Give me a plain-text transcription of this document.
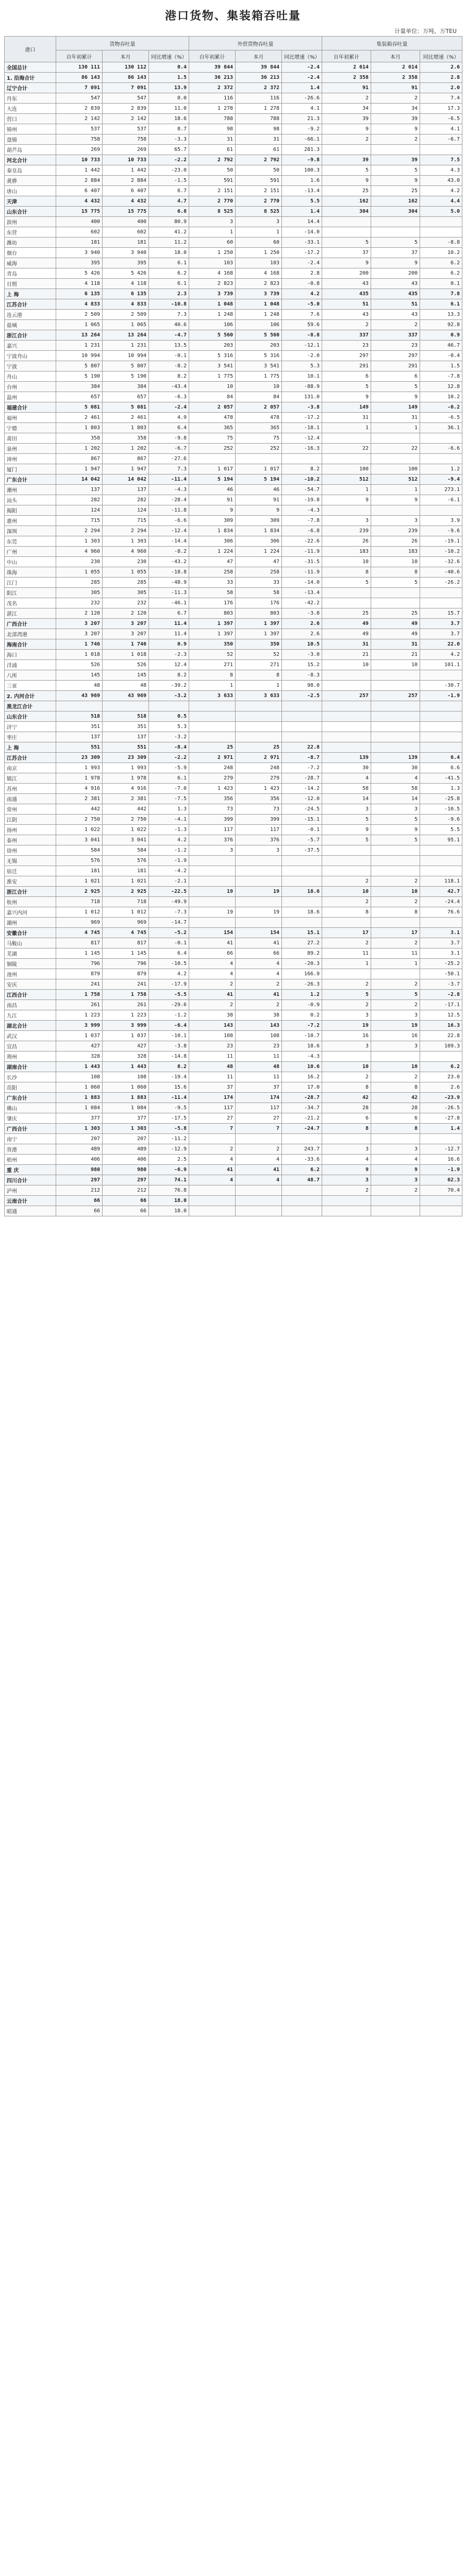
港口货物、集装箱吞吐量
计量单位：万吨、万TEU
港口	货物吞吐量			外贸货物吞吐量			集装箱吞吐量		
	自年初累计	本月	同比增速（%）	自年初累计	本月	同比增速（%）	自年初累计	本月	同比增速（%）
全国总计	130 111	130 112	0.4	39 844	39 844	-2.4	2 614	2 614	2.6
1. 沿海合计	86 143	86 143	1.5	36 213	36 213	-2.4	2 358	2 358	2.8
辽宁合计	7 091	7 091	13.9	2 372	2 372	1.4	91	91	2.0
丹东	547	547	0.0	116	116	-26.6	2	2	7.4
大连	2 839	2 839	11.0	1 278	1 278	4.1	34	34	17.3
营口	2 142	2 142	18.6	788	788	21.3	39	39	-6.5
锦州	537	537	8.7	98	98	-9.2	9	9	4.1
盘锦	758	758	-3.3	31	31	-66.1	2	2	-6.7
葫芦岛	269	269	65.7	61	61	281.3			
河北合计	10 733	10 733	-2.2	2 792	2 792	-9.8	39	39	7.5
秦皇岛	1 442	1 442	-23.0	50	50	100.3	5	5	4.3
黄骅	2 884	2 884	-1.5	591	591	1.6	9	9	43.0
唐山	6 407	6 407	6.7	2 151	2 151	-13.4	25	25	4.2
天津	4 432	4 432	4.7	2 770	2 770	5.5	162	162	4.4
山东合计	15 775	15 775	6.8	8 525	8 525	1.4	304	304	5.0
滨州	400	400	80.9	3	3	14.4			
东营	602	602	41.2	1	1	-14.0			
潍坊	181	181	11.2	60	60	-33.1	5	5	-8.8
烟台	3 940	3 940	18.0	1 250	1 250	-17.2	37	37	10.2
威海	395	395	6.1	103	103	-2.4	9	9	6.2
青岛	5 426	5 426	6.2	4 168	4 168	2.8	200	200	6.2
日照	4 118	4 118	6.1	2 823	2 823	-0.8	43	43	0.1
上 海	6 135	6 135	2.3	3 739	3 739	4.2	435	435	7.8
江苏合计	4 833	4 833	-10.8	1 048	1 048	-5.0	51	51	6.1
连云港	2 509	2 509	7.3	1 248	1 248	7.6	43	43	13.3
盐城	1 065	1 065	40.6	106	106	59.6	2	2	92.8
浙江合计	13 264	13 264	-4.7	5 560	5 560	-8.8	337	337	0.9
嘉兴	1 231	1 231	13.5	203	203	-12.1	23	23	46.7
宁波舟山	10 994	10 994	-0.1	5 316	5 316	-2.0	297	297	-0.4
宁波	5 807	5 807	-8.2	3 541	3 541	5.3	291	291	1.5
舟山	5 190	5 190	8.2	1 775	1 775	10.1	6	6	-7.8
台州	384	384	-43.4	10	10	-88.9	5	5	12.8
温州	657	657	-6.3	84	84	131.0	9	9	10.2
福建合计	5 081	5 081	-2.4	2 057	2 057	-3.8	149	149	-0.2
福州	2 461	2 461	4.9	478	478	-17.2	31	31	-6.5
宁德	1 803	1 803	6.4	365	365	-18.1	1	1	36.1
莆田	358	358	-9.8	75	75	-12.4			
泉州	1 202	1 202	-6.7	252	252	-16.3	22	22	-6.6
漳州	867	867	-27.6						
厦门	1 947	1 947	7.3	1 017	1 017	8.2	100	100	1.2
广东合计	14 042	14 042	-11.4	5 194	5 194	-10.2	512	512	-9.4
潮州	137	137	-4.3	46	46	-54.7	1	1	273.1
汕头	282	282	-28.4	91	91	-19.8	9	9	-6.1
揭阳	124	124	-11.8	9	9	-4.3			
惠州	715	715	-6.6	309	309	-7.8	3	3	3.9
深圳	2 294	2 294	-12.4	1 834	1 834	-6.8	239	239	-9.6
东莞	1 303	1 303	-14.4	306	306	-22.6	26	26	-19.1
广州	4 960	4 960	-8.2	1 224	1 224	-11.9	183	183	-10.2
中山	230	230	-43.2	47	47	-31.5	10	10	-32.6
珠海	1 055	1 055	-18.8	258	258	-11.9	8	8	-40.6
江门	285	285	-48.9	33	33	-14.0	5	5	-26.2
阳江	305	305	-11.3	58	58	-13.4			
茂名	232	232	-46.1	176	176	-42.2			
湛江	2 120	2 120	6.7	803	803	-3.8	25	25	15.7
广西合计	3 207	3 207	11.4	1 397	1 397	2.6	49	49	3.7
北部湾港	3 207	3 207	11.4	1 397	1 397	2.6	49	49	3.7
海南合计	1 746	1 746	0.9	350	350	10.5	31	31	22.0
海口	1 018	1 018	-2.3	52	52	-3.0	21	21	4.2
洋浦	526	526	12.4	271	271	15.2	10	10	101.1
八所	145	145	8.2	8	8	-8.3			
三亚	48	48	-39.2	1	1	98.0			-30.7
2. 内河合计	43 969	43 969	-3.2	3 633	3 633	-2.5	257	257	-1.9
黑龙江合计									
山东合计	518	518	0.5						
济宁	351	351	5.3						
枣庄	137	137	-3.2						
上 海	551	551	-8.4	25	25	22.8			
江苏合计	23 309	23 309	-2.2	2 971	2 971	-8.7	139	139	6.4
南京	1 993	1 993	-5.9	248	248	-7.2	30	30	6.6
镇江	1 978	1 978	6.1	279	279	-28.7	4	4	-41.5
苏州	4 916	4 916	-7.0	1 423	1 423	-14.2	58	58	1.3
南通	2 381	2 381	-7.5	356	356	-12.0	14	14	-25.8
常州	442	442	1.3	73	73	-24.5	3	3	-10.5
江阴	2 750	2 750	-4.1	399	399	-15.1	5	5	-9.6
扬州	1 022	1 022	-1.3	117	117	-0.1	9	9	5.5
泰州	3 041	3 041	4.2	376	376	-5.7	5	5	95.1
徐州	584	584	-1.2	3	3	-37.5			
无锡	576	576	-1.9						
宿迁	181	181	-4.2						
淮安	1 021	1 021	-2.1				2	2	118.1
浙江合计	2 925	2 925	-22.5	19	19	18.6	10	10	42.7
杭州	718	718	-49.9				2	2	-24.4
嘉兴内河	1 012	1 012	-7.3	19	19	18.6	8	8	76.6
湖州	969	969	-14.7						
安徽合计	4 745	4 745	-5.2	154	154	15.1	17	17	3.1
马鞍山	817	817	-0.1	41	41	27.2	2	2	3.7
芜湖	1 145	1 145	6.4	66	66	89.2	11	11	3.1
铜陵	796	796	-10.5	4	4	-20.3	1	1	-25.2
池州	879	879	4.2	4	4	166.9			-50.1
安庆	241	241	-17.9	2	2	-26.3	2	2	-3.7
江西合计	1 758	1 758	-5.5	41	41	1.2	5	5	-2.8
南昌	261	261	-29.6	2	2	-0.9	2	2	-17.1
九江	1 223	1 223	-1.2	38	38	0.2	3	3	12.5
湖北合计	3 999	3 999	-6.4	143	143	-7.2	19	19	16.3
武汉	1 037	1 037	-10.1	108	108	-10.7	16	16	22.8
宜昌	427	427	-3.8	23	23	18.6	3	3	109.3
荆州	328	328	-14.8	11	11	-4.3			
湖南合计	1 443	1 443	8.2	48	48	10.6	10	10	6.2
长沙	108	108	-19.4	11	11	16.2	2	2	23.0
岳阳	1 060	1 060	15.6	37	37	17.0	8	8	2.6
广东合计	1 883	1 883	-11.4	174	174	-28.7	42	42	-23.9
佛山	1 084	1 084	-9.5	117	117	-34.7	28	28	-26.5
肇庆	377	377	-17.5	27	27	-21.2	6	6	-27.8
广西合计	1 303	1 303	-5.8	7	7	-24.7	8	8	1.4
南宁	207	207	-11.2						
贵港	489	489	-12.9	2	2	243.7	3	3	-12.7
梧州	406	406	2.5	4	4	-33.6	4	4	16.6
重 庆	980	980	-6.9	41	41	6.2	9	9	-1.9
四川合计	297	297	74.1	4	4	48.7	3	3	62.3
泸州	212	212	76.8				2	2	70.4
云南合计	66	66	18.0						
昭通	66	66	18.0						
